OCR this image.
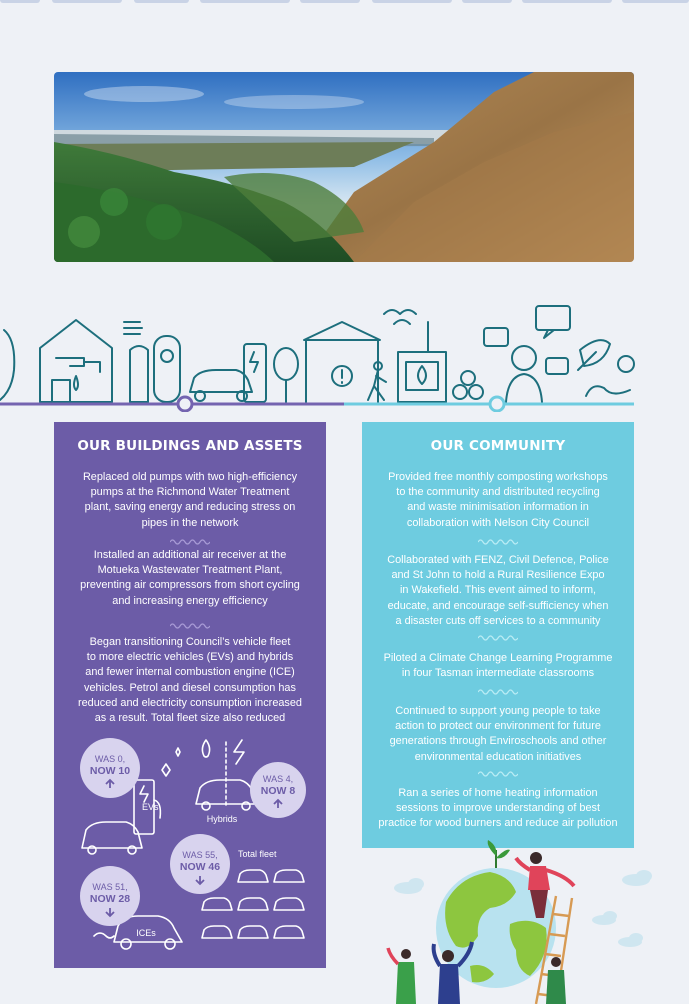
OUR BUILDINGS AND ASSETS
Replaced old pumps with two high-efficiency
pumps at the Richmond Water Treatment
plant, saving energy and reducing stress on
pipes in the network
Installed an additional air receiver at the
Motueka Wastewater Treatment Plant,
preventing air compressors from short cycling
and increasing energy efficiency
Began transitioning Council’s vehicle fleet
to more electric vehicles (EVs) and hybrids
and fewer internal combustion engine (ICE)
vehicles. Petrol and diesel consumption has
reduced and electricity consumption increased
as a result. Total fleet size also reduced
EVs
Hybrids
Total fleet
ICEs
WAS 0,
NOW 10
WAS 4,
NOW 8
WAS 55,
NOW 46
WAS 51,
NOW 28
OUR COMMUNITY
Provided free monthly composting workshops
to the community and distributed recycling
and waste minimisation information in
collaboration with Nelson City Council
Collaborated with FENZ, Civil Defence, Police
and St John to hold a Rural Resilience Expo
in Wakefield. This event aimed to inform,
educate, and encourage self-sufficiency when
a disaster cuts off services to a community
Piloted a Climate Change Learning Programme
in four Tasman intermediate classrooms
Continued to support young people to take
action to protect our environment for future
generations through Enviroschools and other
environmental education initiatives
Ran a series of home heating information
sessions to improve understanding of best
practice for wood burners and reduce air pollution
